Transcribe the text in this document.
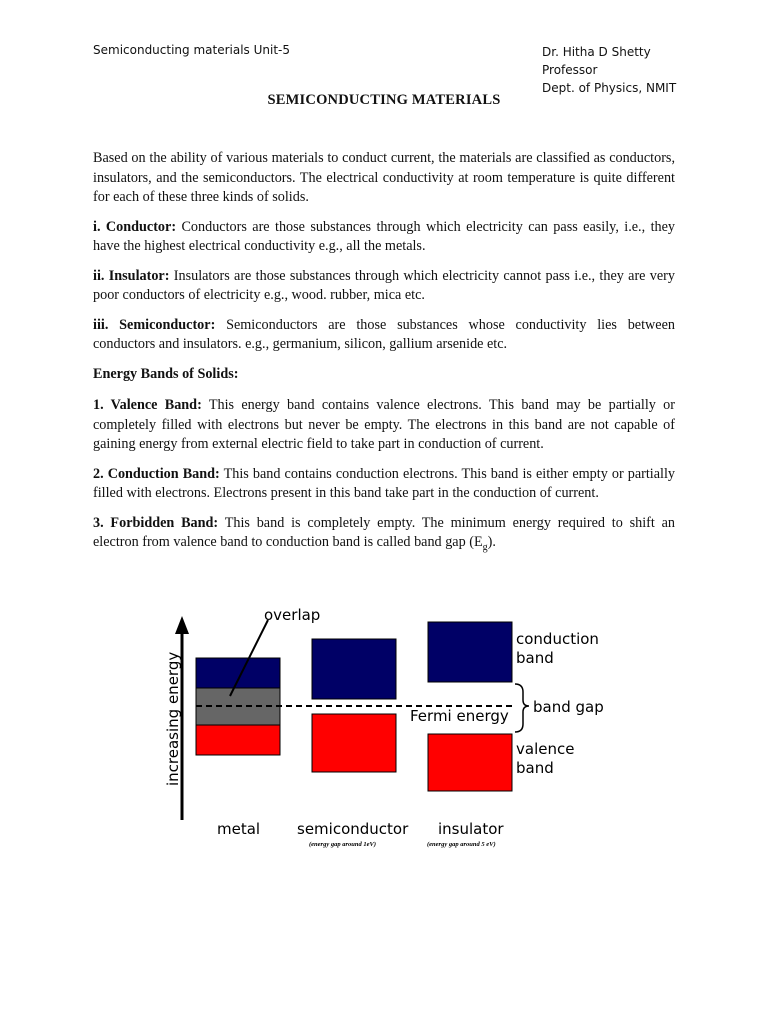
Semiconducting materials Unit-5	Dr. Hitha D Shetty
Professor
Dept. of Physics, NMIT
SEMICONDUCTING MATERIALS

Based on the ability of various materials to conduct current, the materials are classified as conductors, insulators, and the semiconductors. The electrical conductivity at room temperature is quite different for each of these three kinds of solids.

i. Conductor: Conductors are those substances through which electricity can pass easily, i.e., they have the highest electrical conductivity e.g., all the metals.

ii. Insulator: Insulators are those substances through which electricity cannot pass i.e., they are very poor conductors of electricity e.g., wood. rubber, mica etc.

iii. Semiconductor: Semiconductors are those substances whose conductivity lies between conductors and insulators. e.g., germanium, silicon, gallium arsenide etc.

Energy Bands of Solids:

1. Valence Band: This energy band contains valence electrons. This band may be partially or completely filled with electrons but never be empty. The electrons in this band are not capable of gaining energy from external electric field to take part in conduction of current.

2. Conduction Band: This band contains conduction electrons. This band is either empty or partially filled with electrons. Electrons present in this band take part in the conduction of current.

3. Forbidden Band: This band is completely empty. The minimum energy required to shift an electron from valence band to conduction band is called band gap $(E_g)$.

increasing energy
overlap
conduction
band
band gap
Fermi energy
valence
band
metal semiconductor insulator
(energy gap around 1eV)	(energy gap around 5 eV)
